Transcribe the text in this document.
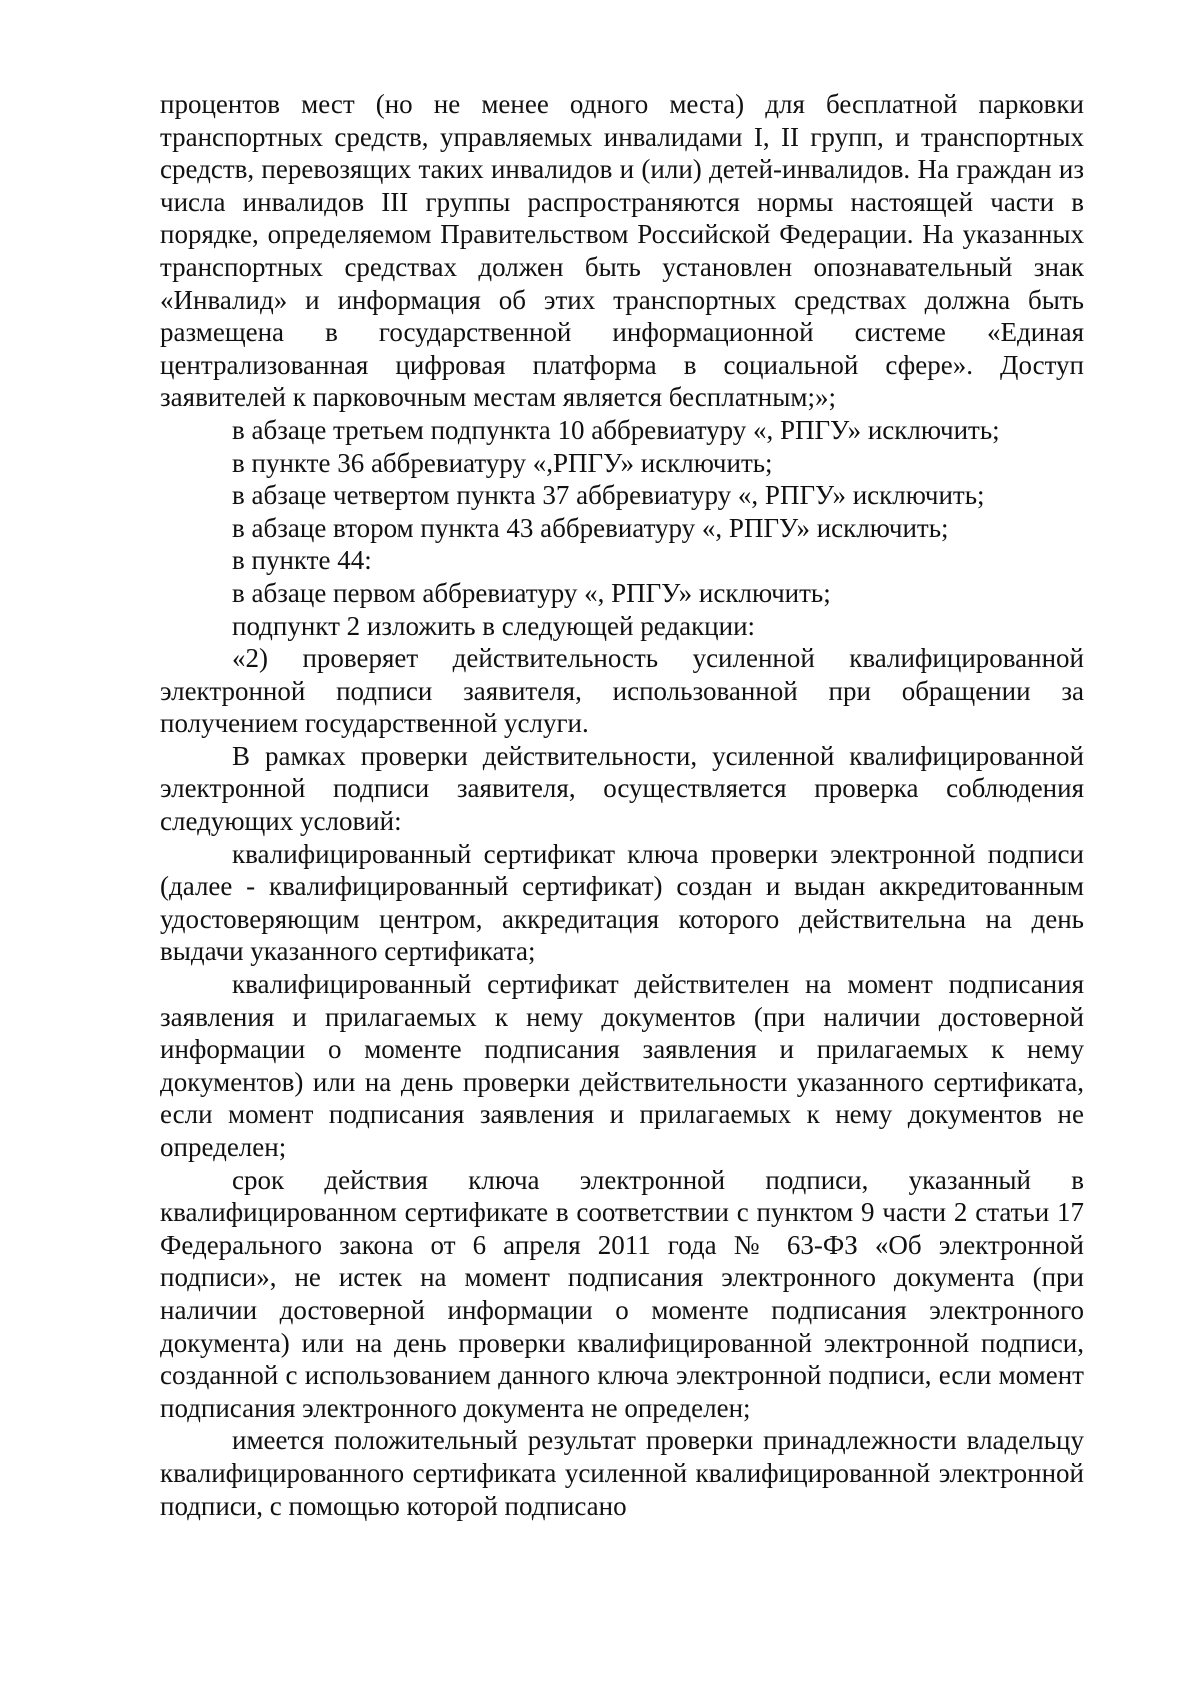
процентов мест (но не менее одного места) для бесплатной парковки транспортных средств, управляемых инвалидами I, II групп, и транспортных средств, перевозящих таких инвалидов и (или) детей-инвалидов. На граждан из числа инвалидов III группы распространяются нормы настоящей части в порядке, определяемом Правительством Российской Федерации. На указанных транспортных средствах должен быть установлен опознавательный знак «Инвалид» и информация об этих транспортных средствах должна быть размещена в государственной информационной системе «Единая централизованная цифровая платформа в социальной сфере». Доступ заявителей к парковочным местам является бесплатным;»;

в абзаце третьем подпункта 10 аббревиатуру «, РПГУ» исключить;

в пункте 36 аббревиатуру «,РПГУ» исключить;

в абзаце четвертом пункта 37 аббревиатуру «, РПГУ» исключить;

в абзаце втором пункта 43 аббревиатуру «, РПГУ» исключить;

в пункте 44:

в абзаце первом аббревиатуру «, РПГУ» исключить;

подпункт 2 изложить в следующей редакции:

«2) проверяет действительность усиленной квалифицированной электронной подписи заявителя, использованной при обращении за получением государственной услуги.

В рамках проверки действительности, усиленной квалифицированной электронной подписи заявителя, осуществляется проверка соблюдения следующих условий:

квалифицированный сертификат ключа проверки электронной подписи (далее - квалифицированный сертификат) создан и выдан аккредитованным удостоверяющим центром, аккредитация которого действительна на день выдачи указанного сертификата;

квалифицированный сертификат действителен на момент подписания заявления и прилагаемых к нему документов (при наличии достоверной информации о моменте подписания заявления и прилагаемых к нему документов) или на день проверки действительности указанного сертификата, если момент подписания заявления и прилагаемых к нему документов не определен;

срок действия ключа электронной подписи, указанный в квалифицированном сертификате в соответствии с пунктом 9 части 2 статьи 17 Федерального закона от 6 апреля 2011 года № 63-ФЗ «Об электронной подписи», не истек на момент подписания электронного документа (при наличии достоверной информации о моменте подписания электронного документа) или на день проверки квалифицированной электронной подписи, созданной с использованием данного ключа электронной подписи, если момент подписания электронного документа не определен;

имеется положительный результат проверки принадлежности владельцу квалифицированного сертификата усиленной квалифицированной электронной подписи, с помощью которой подписано
